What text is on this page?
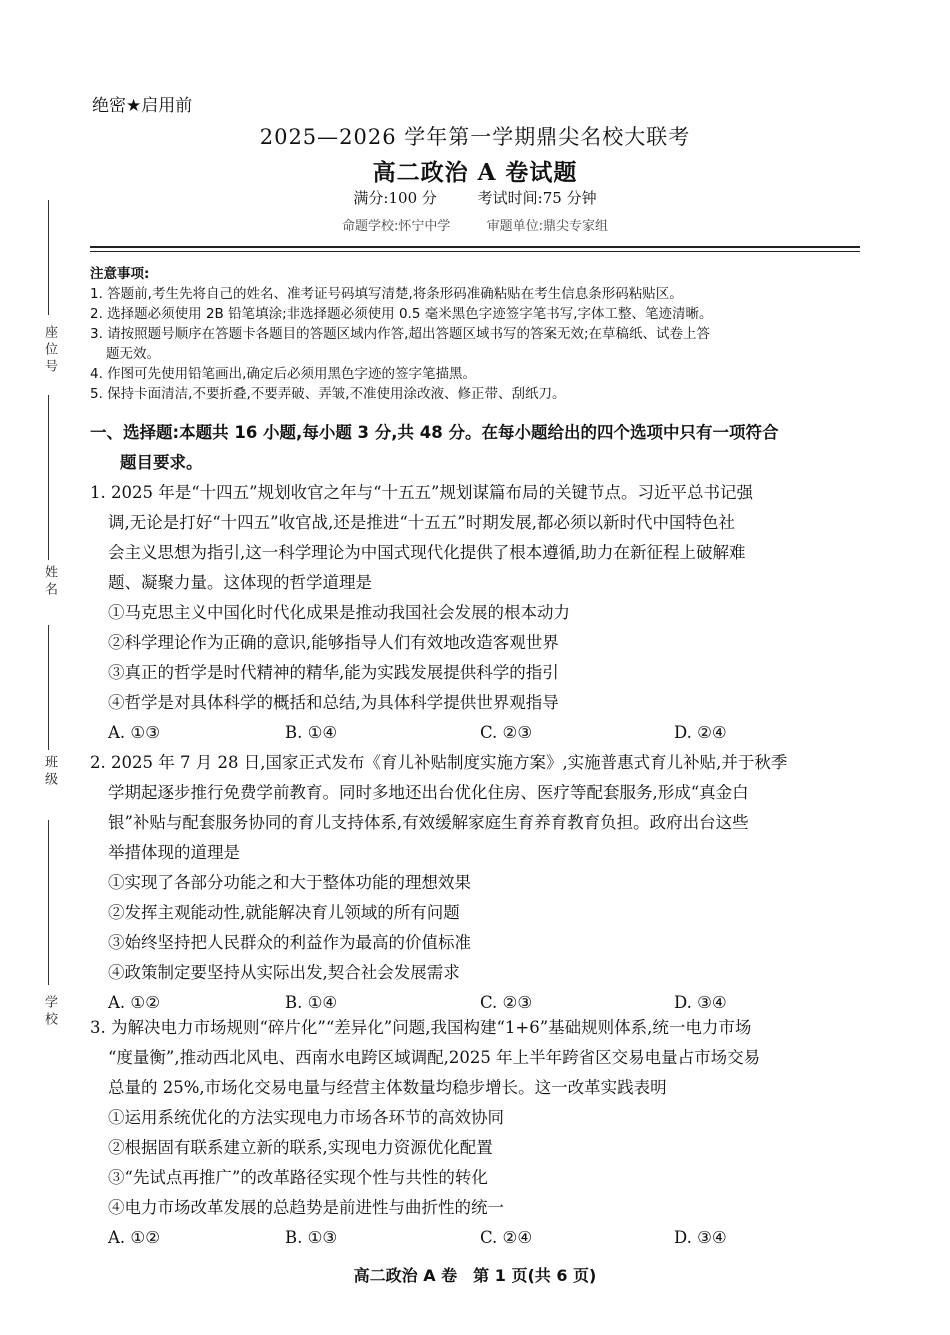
座位号
姓名
班级
学校
绝密★启用前
2025—2026 学年第一学期鼎尖名校大联考
高二政治 A 卷试题
满分:100 分	考试时间:75 分钟
命题学校:怀宁中学	审题单位:鼎尖专家组
注意事项:
1. 答题前,考生先将自己的姓名、准考证号码填写清楚,将条形码准确粘贴在考生信息条形码粘贴区。
2. 选择题必须使用 2B 铅笔填涂;非选择题必须使用 0.5 毫米黑色字迹签字笔书写,字体工整、笔迹清晰。
3. 请按照题号顺序在答题卡各题目的答题区域内作答,超出答题区域书写的答案无效;在草稿纸、试卷上答
题无效。
4. 作图可先使用铅笔画出,确定后必须用黑色字迹的签字笔描黑。
5. 保持卡面清洁,不要折叠,不要弄破、弄皱,不准使用涂改液、修正带、刮纸刀。
一、选择题:本题共 16 小题,每小题 3 分,共 48 分。在每小题给出的四个选项中只有一项符合
题目要求。
1. 2025 年是“十四五”规划收官之年与“十五五”规划谋篇布局的关键节点。习近平总书记强
调,无论是打好“十四五”收官战,还是推进“十五五”时期发展,都必须以新时代中国特色社
会主义思想为指引,这一科学理论为中国式现代化提供了根本遵循,助力在新征程上破解难
题、凝聚力量。这体现的哲学道理是
①马克思主义中国化时代化成果是推动我国社会发展的根本动力
②科学理论作为正确的意识,能够指导人们有效地改造客观世界
③真正的哲学是时代精神的精华,能为实践发展提供科学的指引
④哲学是对具体科学的概括和总结,为具体科学提供世界观指导
A. ①③	B. ①④	C. ②③	D. ②④
2. 2025 年 7 月 28 日,国家正式发布《育儿补贴制度实施方案》,实施普惠式育儿补贴,并于秋季
学期起逐步推行免费学前教育。同时多地还出台优化住房、医疗等配套服务,形成“真金白
银”补贴与配套服务协同的育儿支持体系,有效缓解家庭生育养育教育负担。政府出台这些
举措体现的道理是
①实现了各部分功能之和大于整体功能的理想效果
②发挥主观能动性,就能解决育儿领域的所有问题
③始终坚持把人民群众的利益作为最高的价值标准
④政策制定要坚持从实际出发,契合社会发展需求
A. ①②	B. ①④	C. ②③	D. ③④
3. 为解决电力市场规则“碎片化”“差异化”问题,我国构建“1+6”基础规则体系,统一电力市场
“度量衡”,推动西北风电、西南水电跨区域调配,2025 年上半年跨省区交易电量占市场交易
总量的 25%,市场化交易电量与经营主体数量均稳步增长。这一改革实践表明
①运用系统优化的方法实现电力市场各环节的高效协同
②根据固有联系建立新的联系,实现电力资源优化配置
③“先试点再推广”的改革路径实现个性与共性的转化
④电力市场改革发展的总趋势是前进性与曲折性的统一
A. ①②	B. ①③	C. ②④	D. ③④
高二政治 A 卷　第 1 页(共 6 页)
